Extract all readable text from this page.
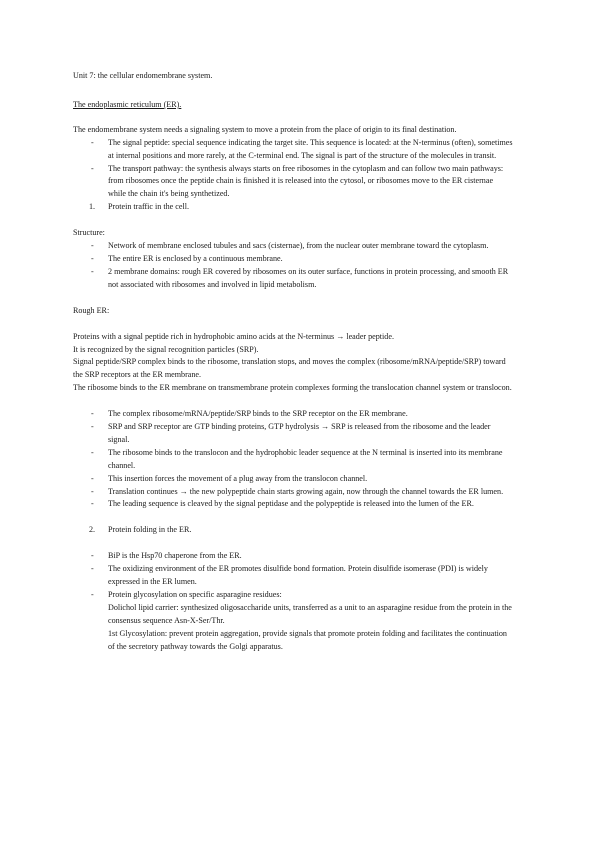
Unit 7: the cellular endomembrane system.

The endoplasmic reticulum (ER).

The endomembrane system needs a signaling system to move a protein from the place of origin to its final destination.

- The signal peptide: special sequence indicating the target site. This sequence is located: at the N-terminus (often), sometimes at internal positions and more rarely, at the C-terminal end. The signal is part of the structure of the molecules in transit.
- The transport pathway: the synthesis always starts on free ribosomes in the cytoplasm and can follow two main pathways: from ribosomes once the peptide chain is finished it is released into the cytosol, or ribosomes move to the ER cisternae while the chain it's being synthetized.
1. Protein traffic in the cell.

Structure:

- Network of membrane enclosed tubules and sacs (cisternae), from the nuclear outer membrane toward the cytoplasm.
- The entire ER is enclosed by a continuous membrane.
- 2 membrane domains: rough ER covered by ribosomes on its outer surface, functions in protein processing, and smooth ER not associated with ribosomes and involved in lipid metabolism.

Rough ER:

Proteins with a signal peptide rich in hydrophobic amino acids at the N-terminus → leader peptide.

It is recognized by the signal recognition particles (SRP).

Signal peptide/SRP complex binds to the ribosome, translation stops, and moves the complex (ribosome/mRNA/peptide/SRP) toward the SRP receptors at the ER membrane.

The ribosome binds to the ER membrane on transmembrane protein complexes forming the translocation channel system or translocon.

- The complex ribosome/mRNA/peptide/SRP binds to the SRP receptor on the ER membrane.
- SRP and SRP receptor are GTP binding proteins, GTP hydrolysis → SRP is released from the ribosome and the leader signal.
- The ribosome binds to the translocon and the hydrophobic leader sequence at the N terminal is inserted into its membrane channel.
- This insertion forces the movement of a plug away from the translocon channel.
- Translation continues → the new polypeptide chain starts growing again, now through the channel towards the ER lumen.
- The leading sequence is cleaved by the signal peptidase and the polypeptide is released into the lumen of the ER.
2. Protein folding in the ER.
- BiP is the Hsp70 chaperone from the ER.
- The oxidizing environment of the ER promotes disulfide bond formation. Protein disulfide isomerase (PDI) is widely expressed in the ER lumen.
- Protein glycosylation on specific asparagine residues:

Dolichol lipid carrier: synthesized oligosaccharide units, transferred as a unit to an asparagine residue from the protein in the consensus sequence Asn-X-Ser/Thr.

1st Glycosylation: prevent protein aggregation, provide signals that promote protein folding and facilitates the continuation of the secretory pathway towards the Golgi apparatus.
